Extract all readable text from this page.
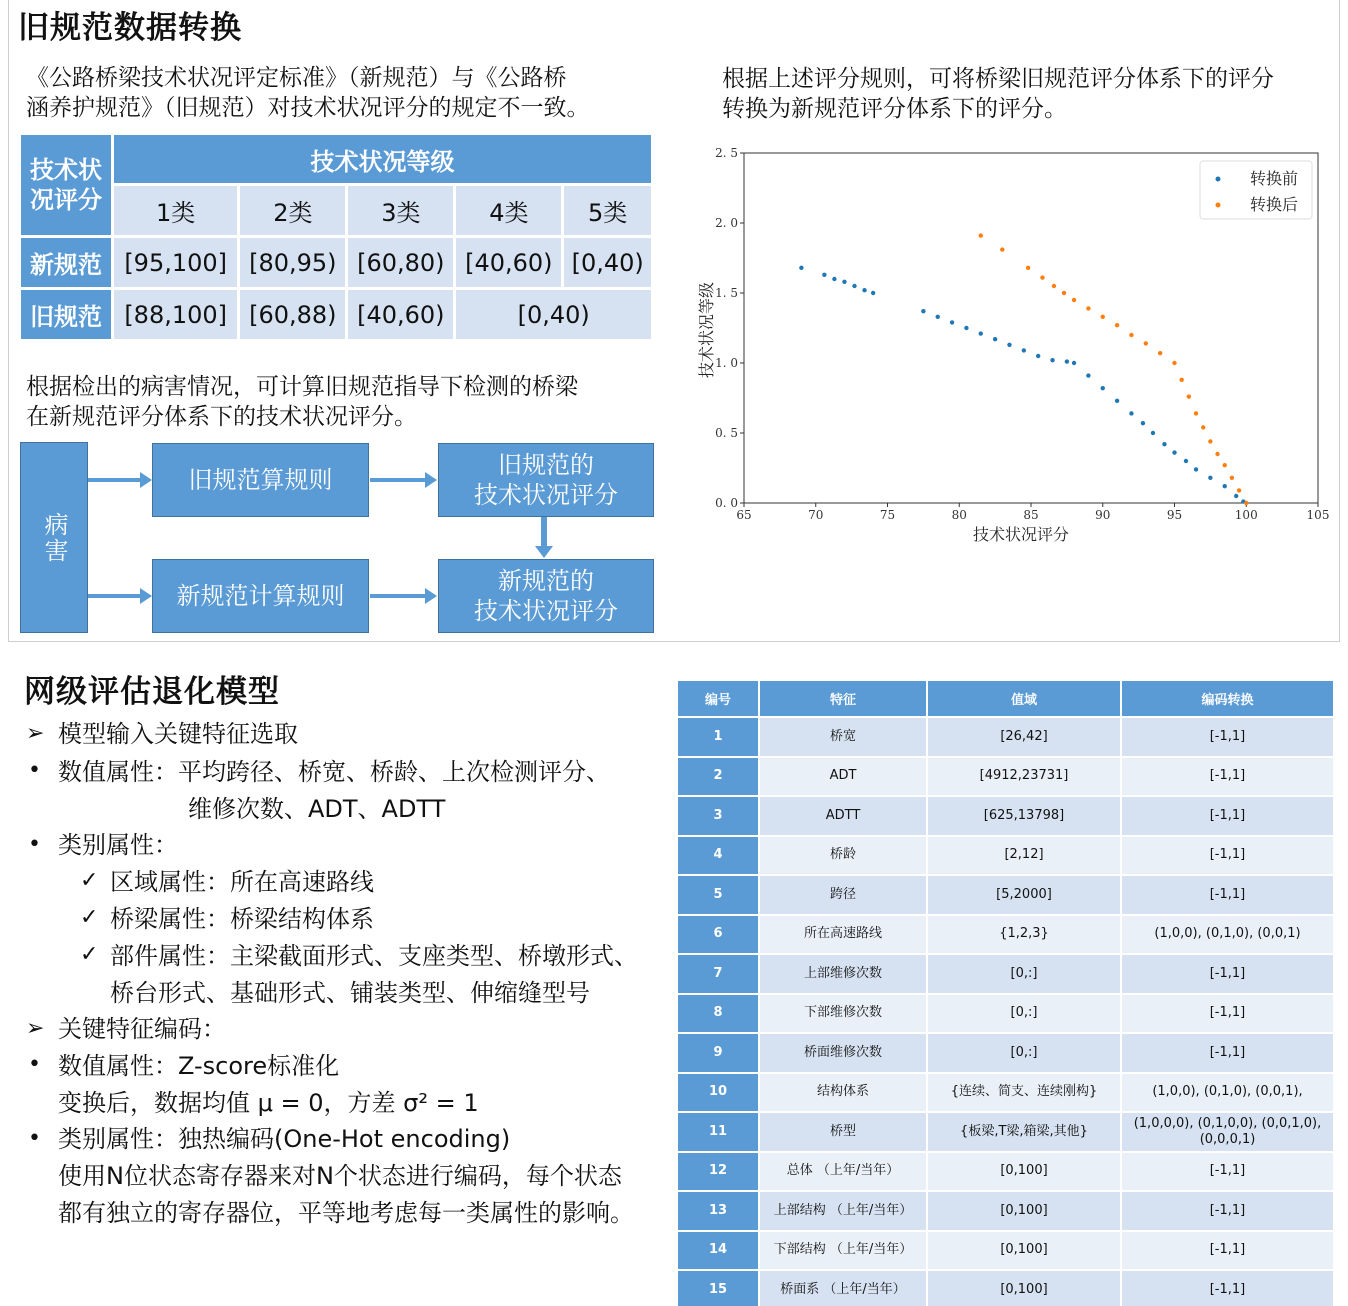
旧规范数据转换
《公路桥梁技术状况评定标准》（新规范）与《公路桥
涵养护规范》（旧规范）对技术状况评分的规定不一致。
根据上述评分规则，可将桥梁旧规范评分体系下的评分
转换为新规范评分体系下的评分。
技术状
况评分	技术状况等级				
	1类	2类	3类	4类	5类
新规范	[95,100]	[80,95)	[60,80)	[40,60)	[0,40)
旧规范	[88,100]	[60,88)	[40,60)	[0,40)	
根据检出的病害情况，可计算旧规范指导下检测的桥梁
在新规范评分体系下的技术状况评分。
病害
旧规范算规则
新规范计算规则
旧规范的
技术状况评分
新规范的
技术状况评分
65	70	75	80	85	90	95	100	105
0. 0
0. 5
1. 0
1. 5
2. 0
2. 5
技术状况评分
技术状况等级
转换前
转换后
网级评估退化模型
➢ 模型输入关键特征选取
• 数值属性：平均跨径、桥宽、桥龄、上次检测评分、
维修次数、ADT、ADTT
• 类别属性：
✓ 区域属性：所在高速路线
✓ 桥梁属性：桥梁结构体系
✓ 部件属性：主梁截面形式、支座类型、桥墩形式、
桥台形式、基础形式、铺装类型、伸缩缝型号
➢ 关键特征编码：
• 数值属性：Z-score标准化
变换后，数据均值 μ = 0，方差 σ² = 1
• 类别属性：独热编码(One-Hot encoding)
使用N位状态寄存器来对N个状态进行编码，每个状态
都有独立的寄存器位，平等地考虑每一类属性的影响。
编号	特征	值域	编码转换
1	桥宽	[26,42]	[-1,1]
2	ADT	[4912,23731]	[-1,1]
3	ADTT	[625,13798]	[-1,1]
4	桥龄	[2,12]	[-1,1]
5	跨径	[5,2000]	[-1,1]
6	所在高速路线	{1,2,3}	(1,0,0), (0,1,0), (0,0,1)
7	上部维修次数	[0,:]	[-1,1]
8	下部维修次数	[0,:]	[-1,1]
9	桥面维修次数	[0,:]	[-1,1]
10	结构体系	{连续、简支、连续刚构}	(1,0,0), (0,1,0), (0,0,1),
11	桥型	{板梁,T梁,箱梁,其他}	(1,0,0,0), (0,1,0,0), (0,0,1,0), (0,0,0,1)
12	总体 （上年/当年）	[0,100]	[-1,1]
13	上部结构 （上年/当年）	[0,100]	[-1,1]
14	下部结构 （上年/当年）	[0,100]	[-1,1]
15	桥面系 （上年/当年）	[0,100]	[-1,1]
